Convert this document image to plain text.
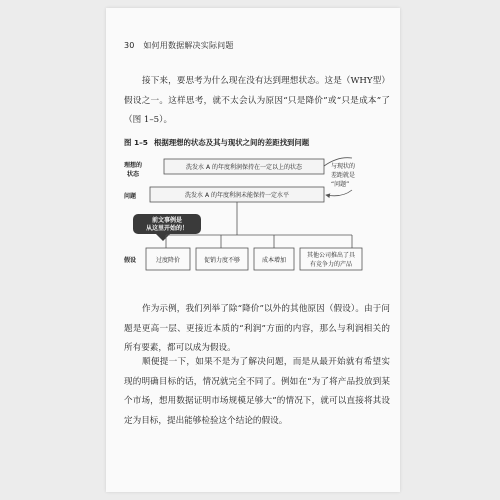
30 如何用数据解决实际问题

接下来，要思考为什么现在没有达到理想状态。这是（WHY型）假设之一。这样思考，就不太会认为原因“只是降价”或“只是成本”了（图 1–5）。

图 1–5 根据理想的状态及其与现状之间的差距找到问题
理想的
状态
问题
假设
洗发水 A 的年度利润保持在一定以上的状态
洗发水 A 的年度利润未能保持一定水平
与现状的
差距就是
“问题”
前文事例是
从这里开始的！
过度降价	促销力度不够	成本增加
其他公司推出了具
有竞争力的产品

作为示例，我们列举了除“降价”以外的其他原因（假设）。由于问题是更高一层、更接近本质的“利润”方面的内容，那么与利润相关的所有要素，都可以成为假设。

顺便提一下，如果不是为了解决问题，而是从最开始就有希望实现的明确目标的话，情况就完全不同了。例如在“为了将产品投放到某个市场，想用数据证明市场规模足够大”的情况下，就可以直接将其设定为目标，提出能够检验这个结论的假设。
